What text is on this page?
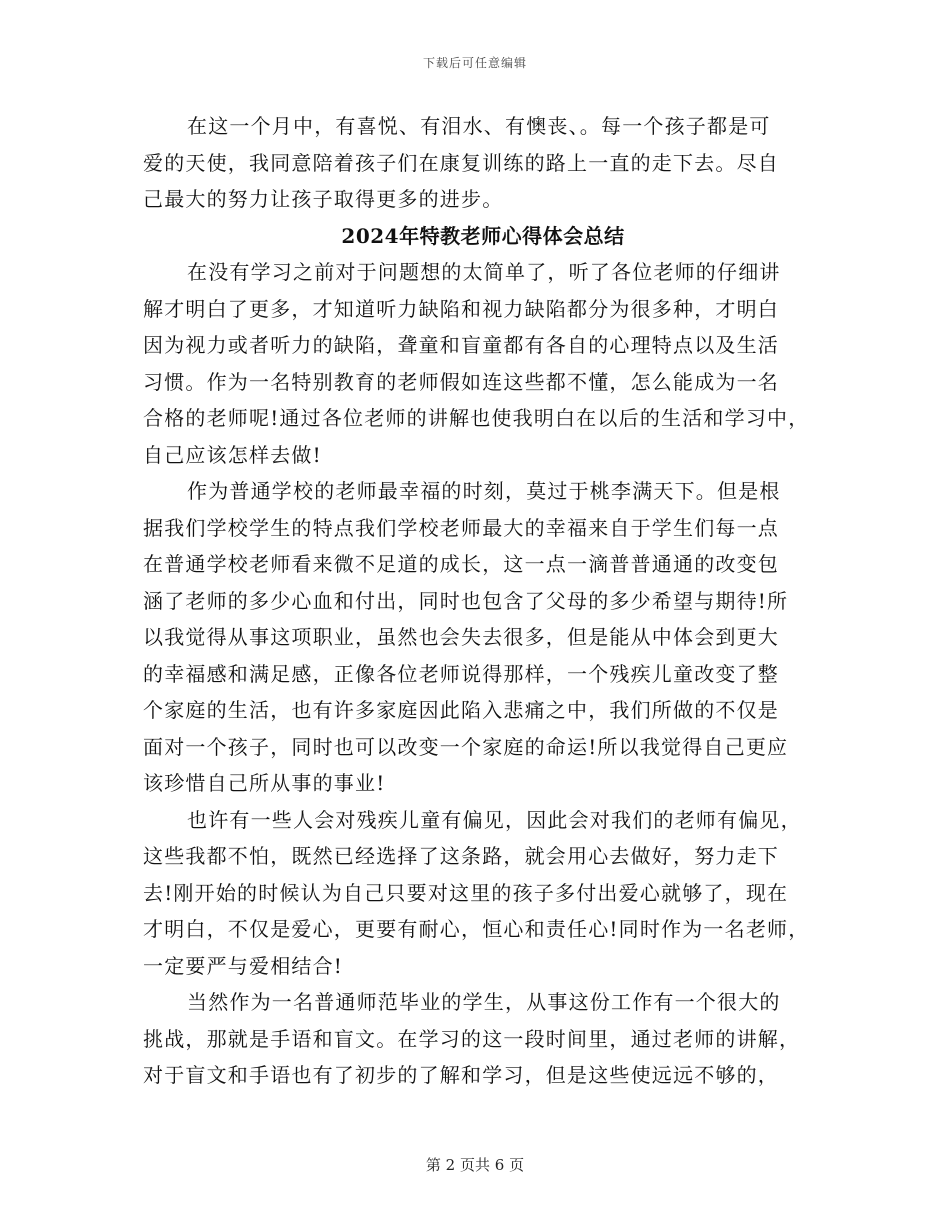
下载后可任意编辑
在这一个月中，有喜悦、有泪水、有懊丧、。每一个孩子都是可
爱的天使，我同意陪着孩子们在康复训练的路上一直的走下去。尽自
己最大的努力让孩子取得更多的进步。
2024年特教老师心得体会总结
在没有学习之前对于问题想的太简单了，听了各位老师的仔细讲
解才明白了更多，才知道听力缺陷和视力缺陷都分为很多种，才明白
因为视力或者听力的缺陷，聋童和盲童都有各自的心理特点以及生活
习惯。作为一名特别教育的老师假如连这些都不懂，怎么能成为一名
合格的老师呢!通过各位老师的讲解也使我明白在以后的生活和学习中，
自己应该怎样去做!
作为普通学校的老师最幸福的时刻，莫过于桃李满天下。但是根
据我们学校学生的特点我们学校老师最大的幸福来自于学生们每一点
在普通学校老师看来微不足道的成长，这一点一滴普普通通的改变包
涵了老师的多少心血和付出，同时也包含了父母的多少希望与期待!所
以我觉得从事这项职业，虽然也会失去很多，但是能从中体会到更大
的幸福感和满足感，正像各位老师说得那样，一个残疾儿童改变了整
个家庭的生活，也有许多家庭因此陷入悲痛之中，我们所做的不仅是
面对一个孩子，同时也可以改变一个家庭的命运!所以我觉得自己更应
该珍惜自己所从事的事业!
也许有一些人会对残疾儿童有偏见，因此会对我们的老师有偏见，
这些我都不怕，既然已经选择了这条路，就会用心去做好，努力走下
去!刚开始的时候认为自己只要对这里的孩子多付出爱心就够了，现在
才明白，不仅是爱心，更要有耐心，恒心和责任心!同时作为一名老师，
一定要严与爱相结合!
当然作为一名普通师范毕业的学生，从事这份工作有一个很大的
挑战，那就是手语和盲文。在学习的这一段时间里，通过老师的讲解，
对于盲文和手语也有了初步的了解和学习，但是这些使远远不够的，
第 2 页共 6 页
